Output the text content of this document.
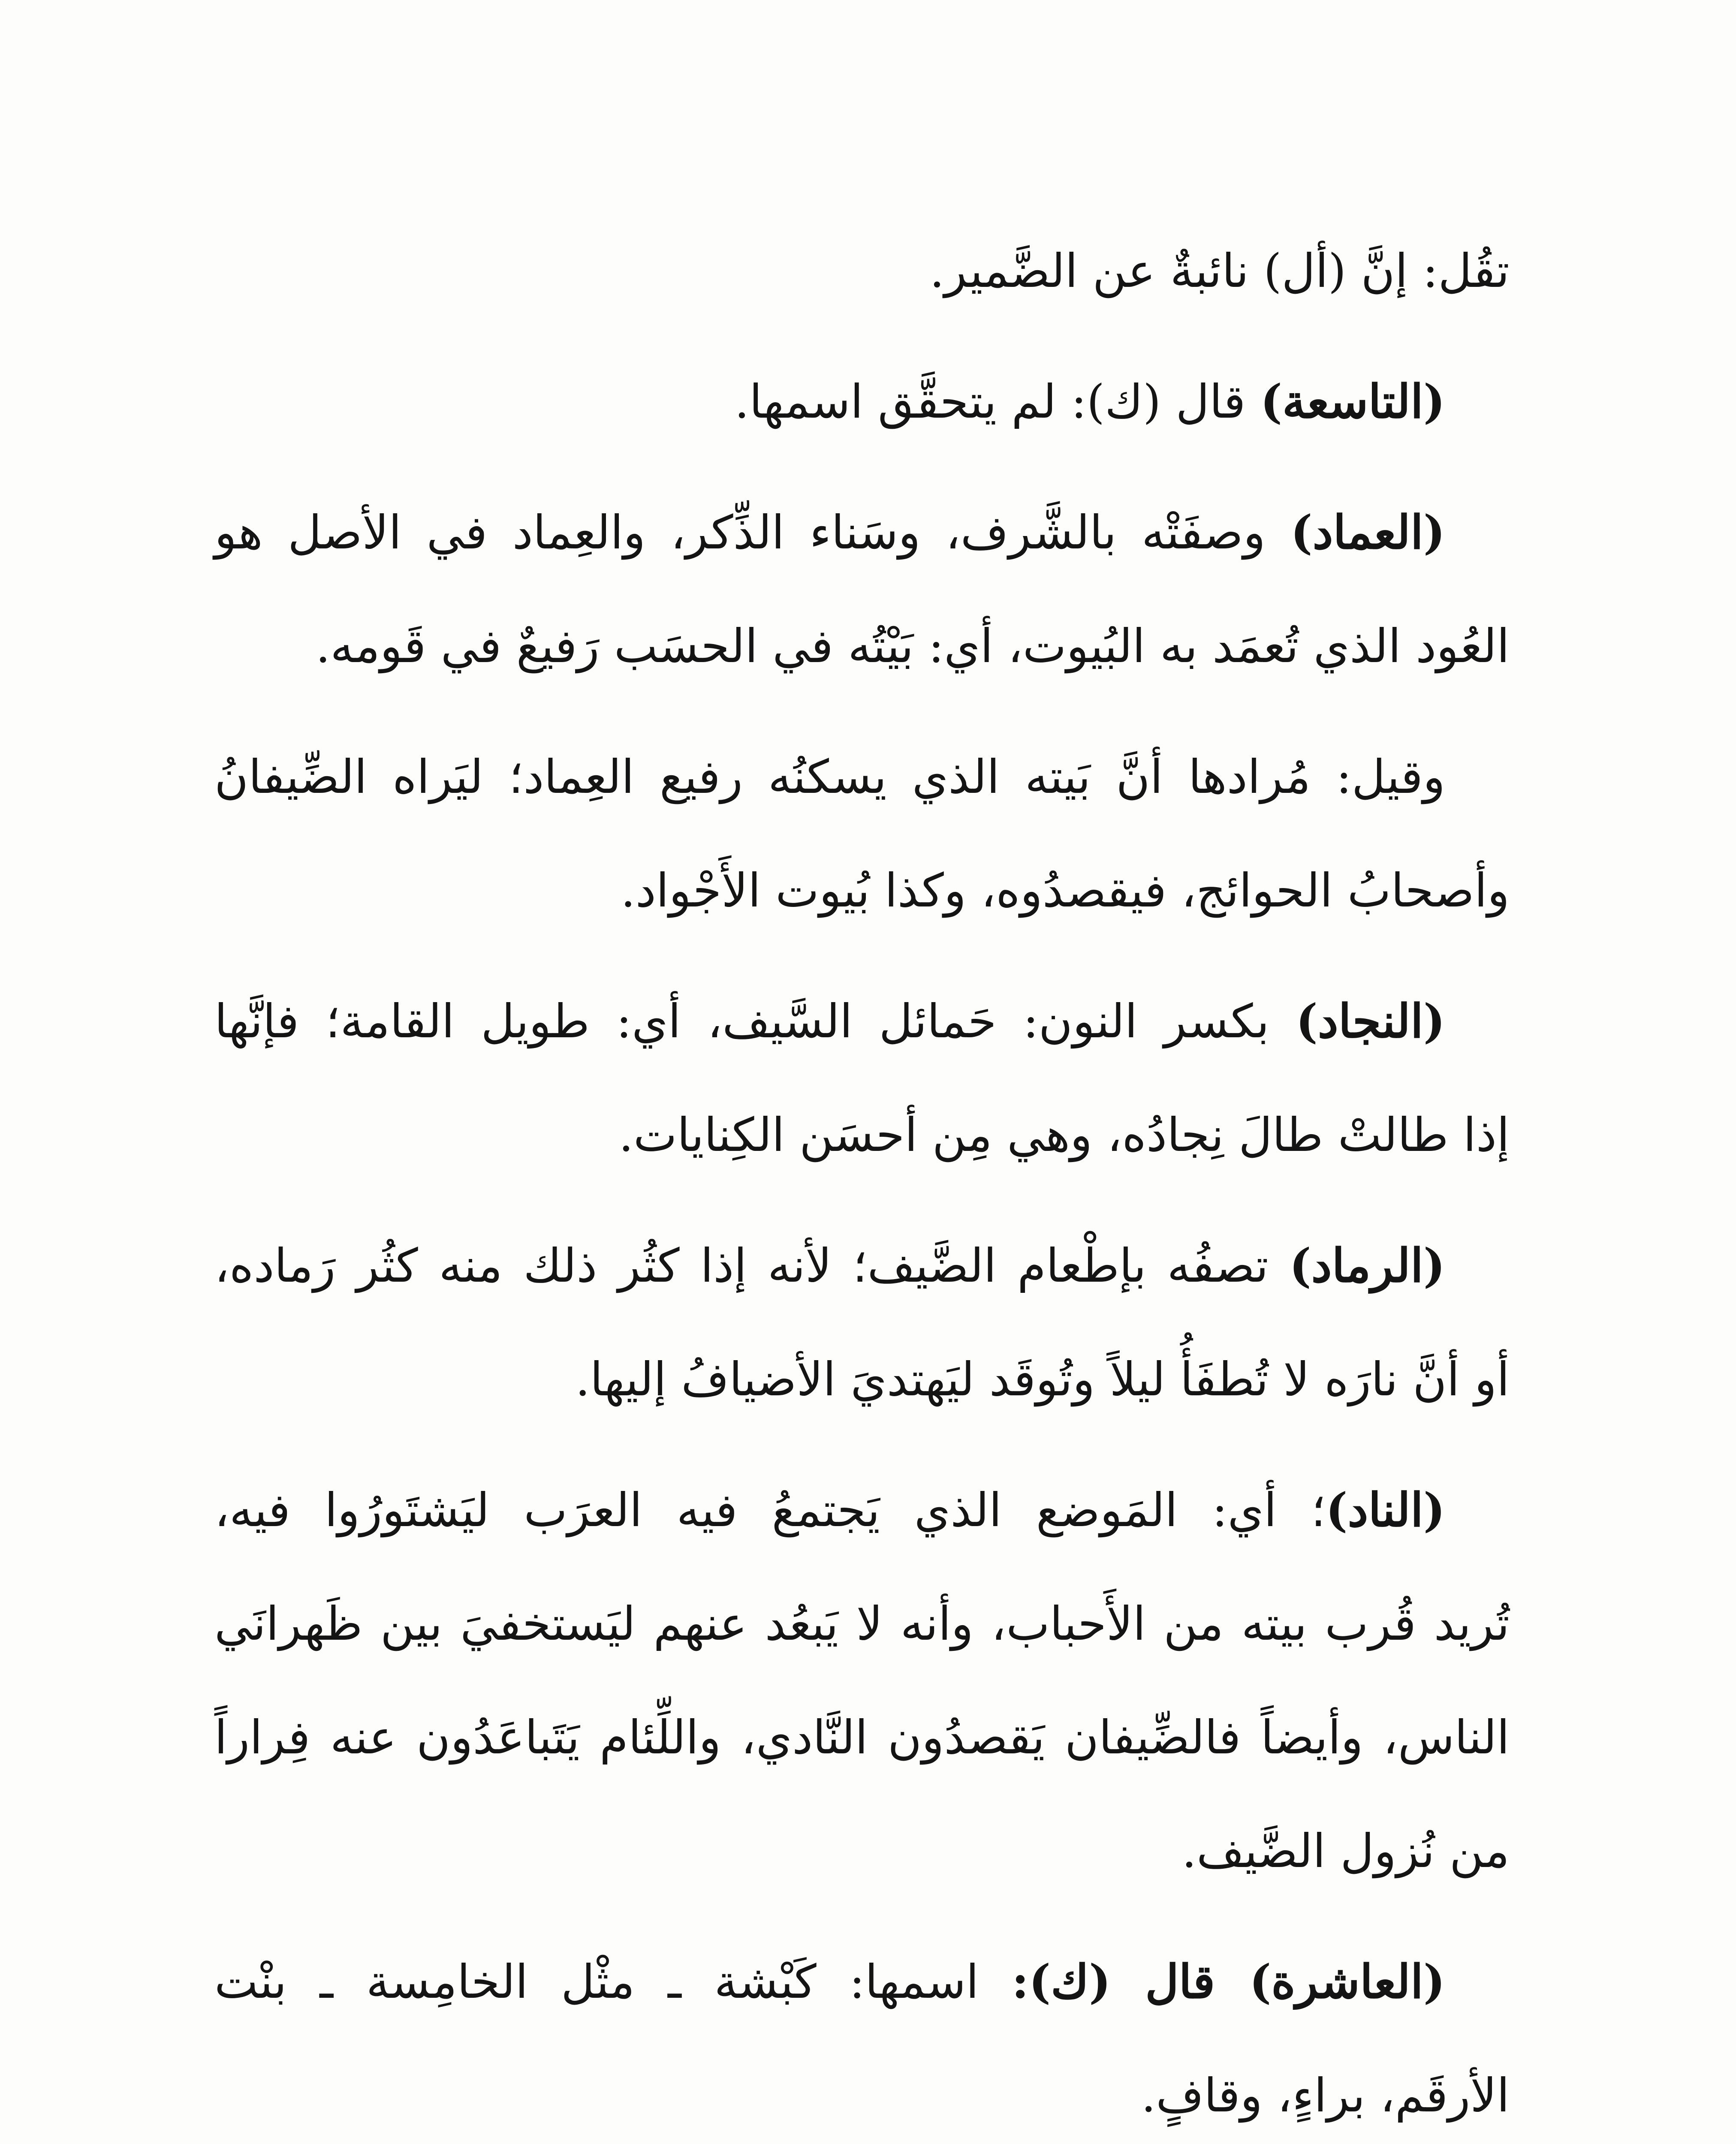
تقُل: إنَّ (أل) نائبةٌ عن الضَّمير.
(التاسعة) قال (ك): لم يتحقَّق اسمها.
(العماد) وصفَتْه بالشَّرف، وسَناء الذِّكر، والعِماد في الأصل هو
العُود الذي تُعمَد به البُيوت، أي: بَيْتُه في الحسَب رَفيعٌ في قَومه.
وقيل: مُرادها أنَّ بَيته الذي يسكنُه رفيع العِماد؛ ليَراه الضِّيفانُ
وأصحابُ الحوائج، فيقصدُوه، وكذا بُيوت الأَجْواد.
(النجاد) بكسر النون: حَمائل السَّيف، أي: طويل القامة؛ فإنَّها
إذا طالتْ طالَ نِجادُه، وهي مِن أحسَن الكِنايات.
(الرماد) تصفُه بإطْعام الضَّيف؛ لأنه إذا كثُر ذلك منه كثُر رَماده،
أو أنَّ نارَه لا تُطفَأُ ليلاً وتُوقَد ليَهتديَ الأضيافُ إليها.
(الناد)؛ أي: المَوضع الذي يَجتمعُ فيه العرَب ليَشتَورُوا فيه،
تُريد قُرب بيته من الأَحباب، وأنه لا يَبعُد عنهم ليَستخفيَ بين ظَهرانَي
الناس، وأيضاً فالضِّيفان يَقصدُون النَّادي، واللِّئام يَتَباعَدُون عنه فِراراً
من نُزول الضَّيف.
(العاشرة) قال (ك): اسمها: كَبْشة ـ مثْل الخامِسة ـ بنْت
الأرقَم، براءٍ، وقافٍ.
